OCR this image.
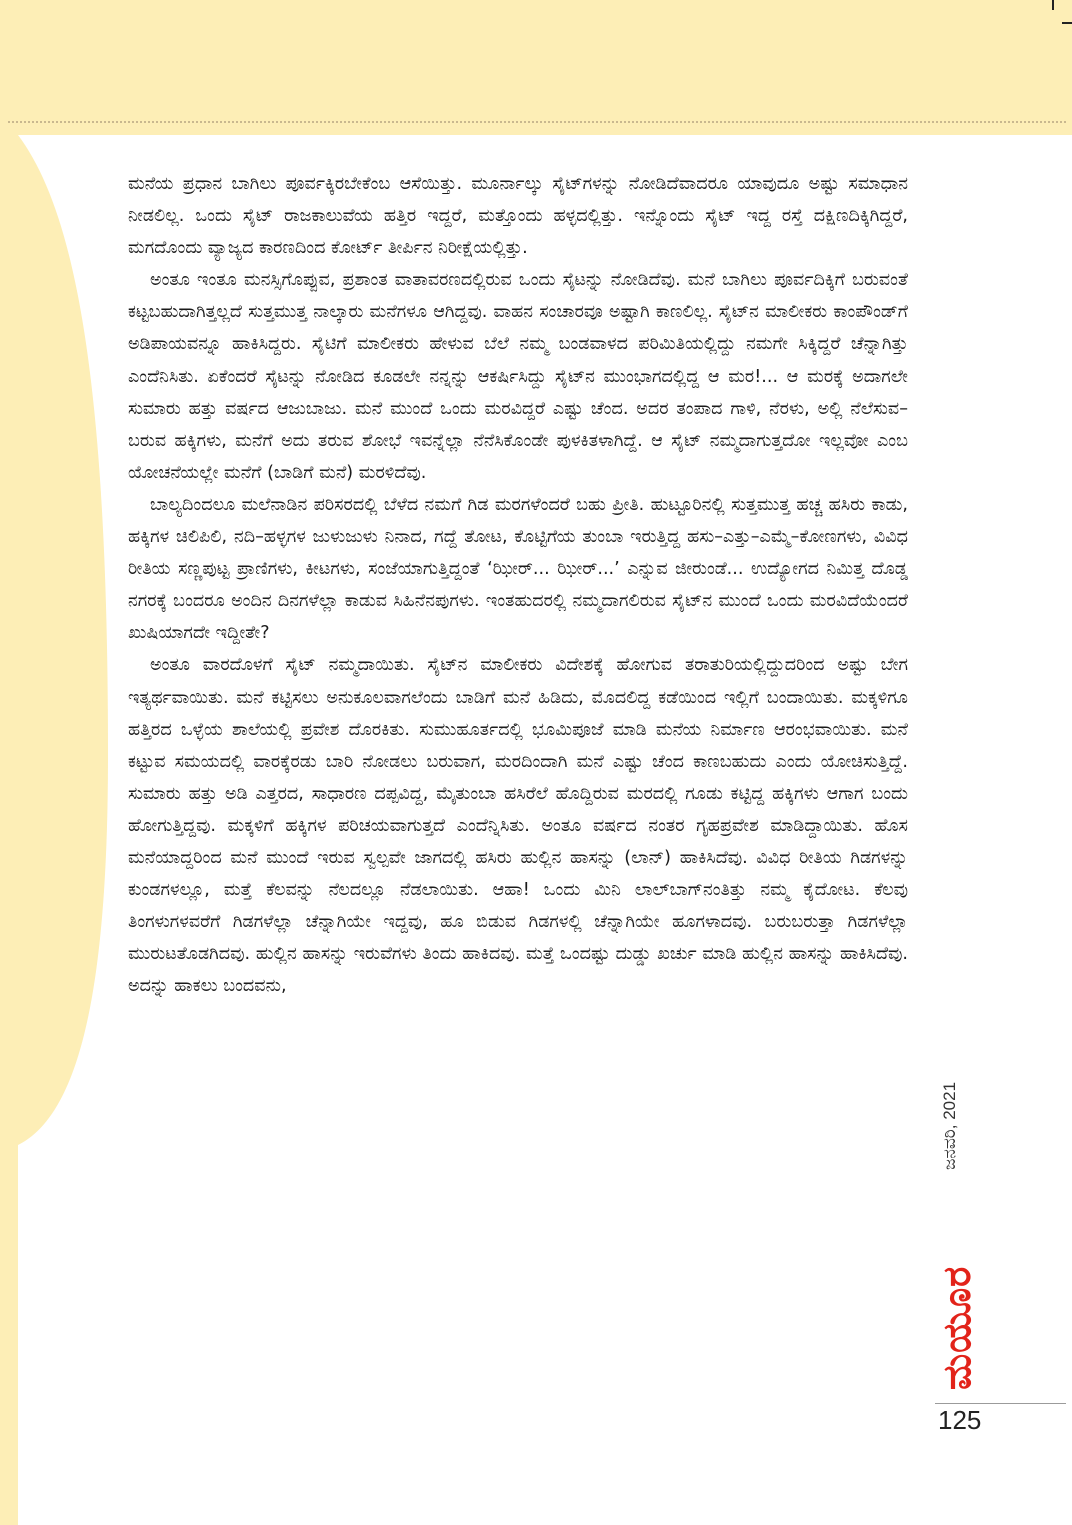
ಮನೆಯ ಪ್ರಧಾನ ಬಾಗಿಲು ಪೂರ್ವಕ್ಕಿರಬೇಕೆಂಬ ಆಸೆಯಿತ್ತು. ಮೂರ್ನಾಲ್ಕು ಸೈಟ್‌ಗಳನ್ನು ನೋಡಿದೆವಾದರೂ ಯಾವುದೂ ಅಷ್ಟು ಸಮಾಧಾನ ನೀಡಲಿಲ್ಲ. ಒಂದು ಸೈಟ್ ರಾಜಕಾಲುವೆಯ ಹತ್ತಿರ ಇದ್ದರೆ, ಮತ್ತೊಂದು ಹಳ್ಳದಲ್ಲಿತ್ತು. ಇನ್ನೊಂದು ಸೈಟ್ ಇದ್ದ ರಸ್ತೆ ದಕ್ಷಿಣದಿಕ್ಕಿಗಿದ್ದರೆ, ಮಗದೊಂದು ವ್ಯಾಜ್ಯದ ಕಾರಣದಿಂದ ಕೋರ್ಟ್ ತೀರ್ಪಿನ ನಿರೀಕ್ಷೆಯಲ್ಲಿತ್ತು.

ಅಂತೂ ಇಂತೂ ಮನಸ್ಸಿಗೊಪ್ಪುವ, ಪ್ರಶಾಂತ ವಾತಾವರಣದಲ್ಲಿರುವ ಒಂದು ಸೈಟನ್ನು ನೋಡಿದೆವು. ಮನೆ ಬಾಗಿಲು ಪೂರ್ವದಿಕ್ಕಿಗೆ ಬರುವಂತೆ ಕಟ್ಟಬಹುದಾಗಿತ್ತಲ್ಲದೆ ಸುತ್ತಮುತ್ತ ನಾಲ್ಕಾರು ಮನೆಗಳೂ ಆಗಿದ್ದವು. ವಾಹನ ಸಂಚಾರವೂ ಅಷ್ಟಾಗಿ ಕಾಣಲಿಲ್ಲ. ಸೈಟ್‌ನ ಮಾಲೀಕರು ಕಾಂಪೌಂಡ್‌ಗೆ ಅಡಿಪಾಯವನ್ನೂ ಹಾಕಿಸಿದ್ದರು. ಸೈಟಿಗೆ ಮಾಲೀಕರು ಹೇಳುವ ಬೆಲೆ ನಮ್ಮ ಬಂಡವಾಳದ ಪರಿಮಿತಿಯಲ್ಲಿದ್ದು ನಮಗೇ ಸಿಕ್ಕಿದ್ದರೆ ಚೆನ್ನಾಗಿತ್ತು ಎಂದೆನಿಸಿತು. ಏಕೆಂದರೆ ಸೈಟನ್ನು ನೋಡಿದ ಕೂಡಲೇ ನನ್ನನ್ನು ಆಕರ್ಷಿಸಿದ್ದು ಸೈಟ್‌ನ ಮುಂಭಾಗದಲ್ಲಿದ್ದ ಆ ಮರ!... ಆ ಮರಕ್ಕೆ ಅದಾಗಲೇ ಸುಮಾರು ಹತ್ತು ವರ್ಷದ ಆಜುಬಾಜು. ಮನೆ ಮುಂದೆ ಒಂದು ಮರವಿದ್ದರೆ ಎಷ್ಟು ಚೆಂದ. ಅದರ ತಂಪಾದ ಗಾಳಿ, ನೆರಳು, ಅಲ್ಲಿ ನೆಲೆಸುವ–ಬರುವ ಹಕ್ಕಿಗಳು, ಮನೆಗೆ ಅದು ತರುವ ಶೋಭೆ ಇವನ್ನೆಲ್ಲಾ ನೆನೆಸಿಕೊಂಡೇ ಪುಳಕಿತಳಾಗಿದ್ದೆ. ಆ ಸೈಟ್ ನಮ್ಮದಾಗುತ್ತದೋ ಇಲ್ಲವೋ ಎಂಬ ಯೋಚನೆಯಲ್ಲೇ ಮನೆಗೆ (ಬಾಡಿಗೆ ಮನೆ) ಮರಳಿದೆವು.

ಬಾಲ್ಯದಿಂದಲೂ ಮಲೆನಾಡಿನ ಪರಿಸರದಲ್ಲಿ ಬೆಳೆದ ನಮಗೆ ಗಿಡ ಮರಗಳೆಂದರೆ ಬಹು ಪ್ರೀತಿ. ಹುಟ್ಟೂರಿನಲ್ಲಿ ಸುತ್ತಮುತ್ತ ಹಚ್ಚ ಹಸಿರು ಕಾಡು, ಹಕ್ಕಿಗಳ ಚಿಲಿಪಿಲಿ, ನದಿ–ಹಳ್ಳಗಳ ಜುಳುಜುಳು ನಿನಾದ, ಗದ್ದೆ ತೋಟ, ಕೊಟ್ಟಿಗೆಯ ತುಂಬಾ ಇರುತ್ತಿದ್ದ ಹಸು–ಎತ್ತು–ಎಮ್ಮೆ–ಕೋಣಗಳು, ವಿವಿಧ ರೀತಿಯ ಸಣ್ಣಪುಟ್ಟ ಪ್ರಾಣಿಗಳು, ಕೀಟಗಳು, ಸಂಜೆಯಾಗುತ್ತಿದ್ದಂತೆ ‘ಝೀರ್... ಝೀರ್...’ ಎನ್ನುವ ಜೀರುಂಡೆ... ಉದ್ಯೋಗದ ನಿಮಿತ್ತ ದೊಡ್ಡ ನಗರಕ್ಕೆ ಬಂದರೂ ಅಂದಿನ ದಿನಗಳೆಲ್ಲಾ ಕಾಡುವ ಸಿಹಿನೆನಪುಗಳು. ಇಂತಹುದರಲ್ಲಿ ನಮ್ಮದಾಗಲಿರುವ ಸೈಟ್‌ನ ಮುಂದೆ ಒಂದು ಮರವಿದೆಯೆಂದರೆ ಖುಷಿಯಾಗದೇ ಇದ್ದೀತೇ?

ಅಂತೂ ವಾರದೊಳಗೆ ಸೈಟ್ ನಮ್ಮದಾಯಿತು. ಸೈಟ್‌ನ ಮಾಲೀಕರು ವಿದೇಶಕ್ಕೆ ಹೋಗುವ ತರಾತುರಿಯಲ್ಲಿದ್ದುದರಿಂದ ಅಷ್ಟು ಬೇಗ ಇತ್ಯರ್ಥವಾಯಿತು. ಮನೆ ಕಟ್ಟಿಸಲು ಅನುಕೂಲವಾಗಲೆಂದು ಬಾಡಿಗೆ ಮನೆ ಹಿಡಿದು, ಮೊದಲಿದ್ದ ಕಡೆಯಿಂದ ಇಲ್ಲಿಗೆ ಬಂದಾಯಿತು. ಮಕ್ಕಳಿಗೂ ಹತ್ತಿರದ ಒಳ್ಳೆಯ ಶಾಲೆಯಲ್ಲಿ ಪ್ರವೇಶ ದೊರಕಿತು. ಸುಮುಹೂರ್ತದಲ್ಲಿ ಭೂಮಿಪೂಜೆ ಮಾಡಿ ಮನೆಯ ನಿರ್ಮಾಣ ಆರಂಭವಾಯಿತು. ಮನೆ ಕಟ್ಟುವ ಸಮಯದಲ್ಲಿ ವಾರಕ್ಕೆರಡು ಬಾರಿ ನೋಡಲು ಬರುವಾಗ, ಮರದಿಂದಾಗಿ ಮನೆ ಎಷ್ಟು ಚೆಂದ ಕಾಣಬಹುದು ಎಂದು ಯೋಚಿಸುತ್ತಿದ್ದೆ. ಸುಮಾರು ಹತ್ತು ಅಡಿ ಎತ್ತರದ, ಸಾಧಾರಣ ದಪ್ಪವಿದ್ದ, ಮೈತುಂಬಾ ಹಸಿರೆಲೆ ಹೊದ್ದಿರುವ ಮರದಲ್ಲಿ ಗೂಡು ಕಟ್ಟಿದ್ದ ಹಕ್ಕಿಗಳು ಆಗಾಗ ಬಂದು ಹೋಗುತ್ತಿದ್ದವು. ಮಕ್ಕಳಿಗೆ ಹಕ್ಕಿಗಳ ಪರಿಚಯವಾಗುತ್ತದೆ ಎಂದೆನ್ನಿಸಿತು. ಅಂತೂ ವರ್ಷದ ನಂತರ ಗೃಹಪ್ರವೇಶ ಮಾಡಿದ್ದಾಯಿತು. ಹೊಸ ಮನೆಯಾದ್ದರಿಂದ ಮನೆ ಮುಂದೆ ಇರುವ ಸ್ವಲ್ಪವೇ ಜಾಗದಲ್ಲಿ ಹಸಿರು ಹುಲ್ಲಿನ ಹಾಸನ್ನು (ಲಾನ್) ಹಾಕಿಸಿದೆವು. ವಿವಿಧ ರೀತಿಯ ಗಿಡಗಳನ್ನು ಕುಂಡಗಳಲ್ಲೂ, ಮತ್ತೆ ಕೆಲವನ್ನು ನೆಲದಲ್ಲೂ ನೆಡಲಾಯಿತು. ಆಹಾ! ಒಂದು ಮಿನಿ ಲಾಲ್‌ಬಾಗ್‌ನಂತಿತ್ತು ನಮ್ಮ ಕೈದೋಟ. ಕೆಲವು ತಿಂಗಳುಗಳವರೆಗೆ ಗಿಡಗಳೆಲ್ಲಾ ಚೆನ್ನಾಗಿಯೇ ಇದ್ದವು, ಹೂ ಬಿಡುವ ಗಿಡಗಳಲ್ಲಿ ಚೆನ್ನಾಗಿಯೇ ಹೂಗಳಾದವು. ಬರುಬರುತ್ತಾ ಗಿಡಗಳೆಲ್ಲಾ ಮುರುಟತೊಡಗಿದವು. ಹುಲ್ಲಿನ ಹಾಸನ್ನು ಇರುವೆಗಳು ತಿಂದು ಹಾಕಿದವು. ಮತ್ತೆ ಒಂದಷ್ಟು ದುಡ್ಡು ಖರ್ಚು ಮಾಡಿ ಹುಲ್ಲಿನ ಹಾಸನ್ನು ಹಾಕಿಸಿದೆವು. ಅದನ್ನು ಹಾಕಲು ಬಂದವನು,

ಜನವರಿ, 2021
ಮಯೂರ
125
